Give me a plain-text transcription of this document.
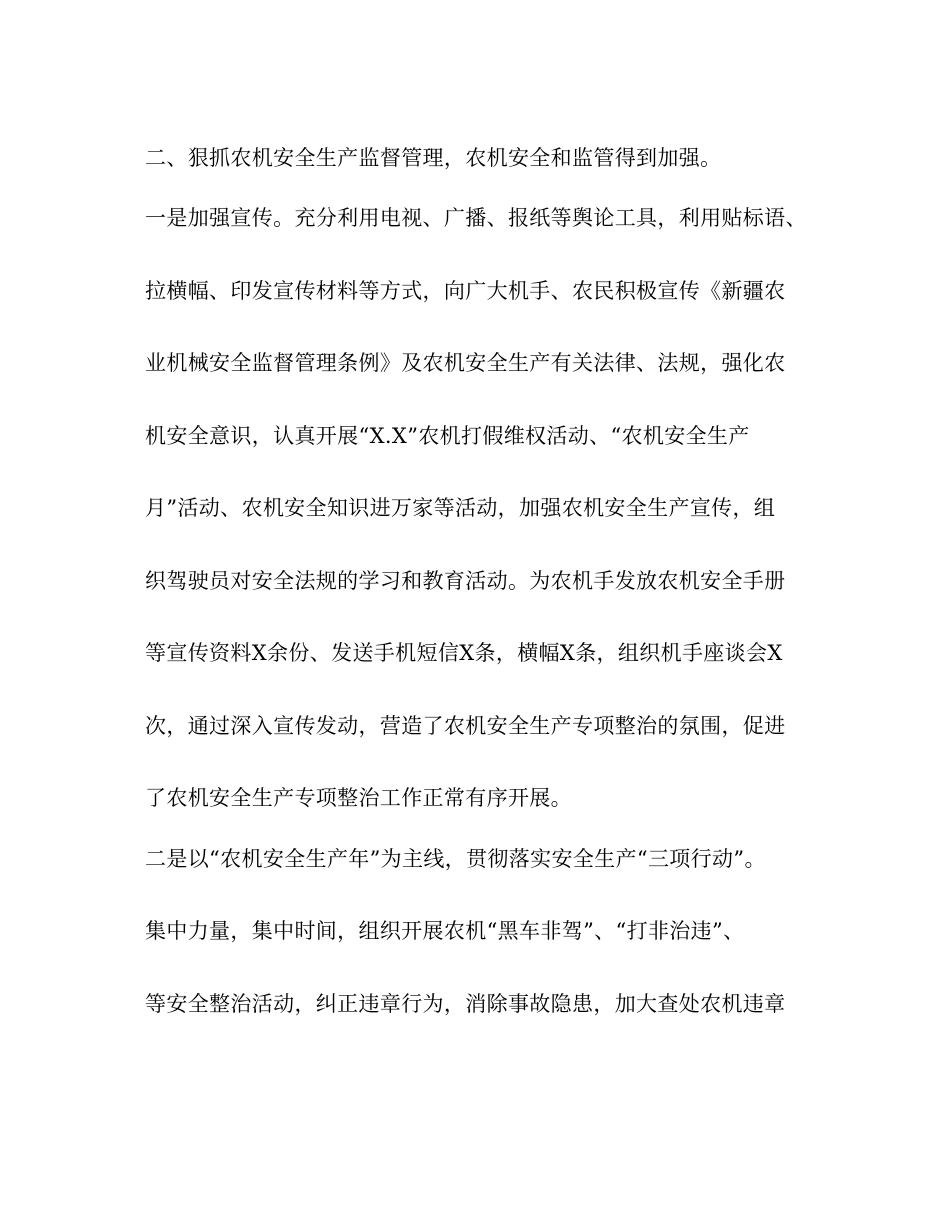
二、狠抓农机安全生产监督管理，农机安全和监管得到加强。
一是加强宣传。充分利用电视、广播、报纸等舆论工具，利用贴标语、
拉横幅、印发宣传材料等方式，向广大机手、农民积极宣传《新疆农
业机械安全监督管理条例》及农机安全生产有关法律、法规，强化农
机安全意识，认真开展“X.X”农机打假维权活动、“农机安全生产
月”活动、农机安全知识进万家等活动，加强农机安全生产宣传，组
织驾驶员对安全法规的学习和教育活动。为农机手发放农机安全手册
等宣传资料X余份、发送手机短信X条，横幅X条，组织机手座谈会X
次，通过深入宣传发动，营造了农机安全生产专项整治的氛围，促进
了农机安全生产专项整治工作正常有序开展。
二是以“农机安全生产年”为主线，贯彻落实安全生产“三项行动”。
集中力量，集中时间，组织开展农机“黑车非驾”、“打非治违”、
等安全整治活动，纠正违章行为，消除事故隐患，加大查处农机违章
